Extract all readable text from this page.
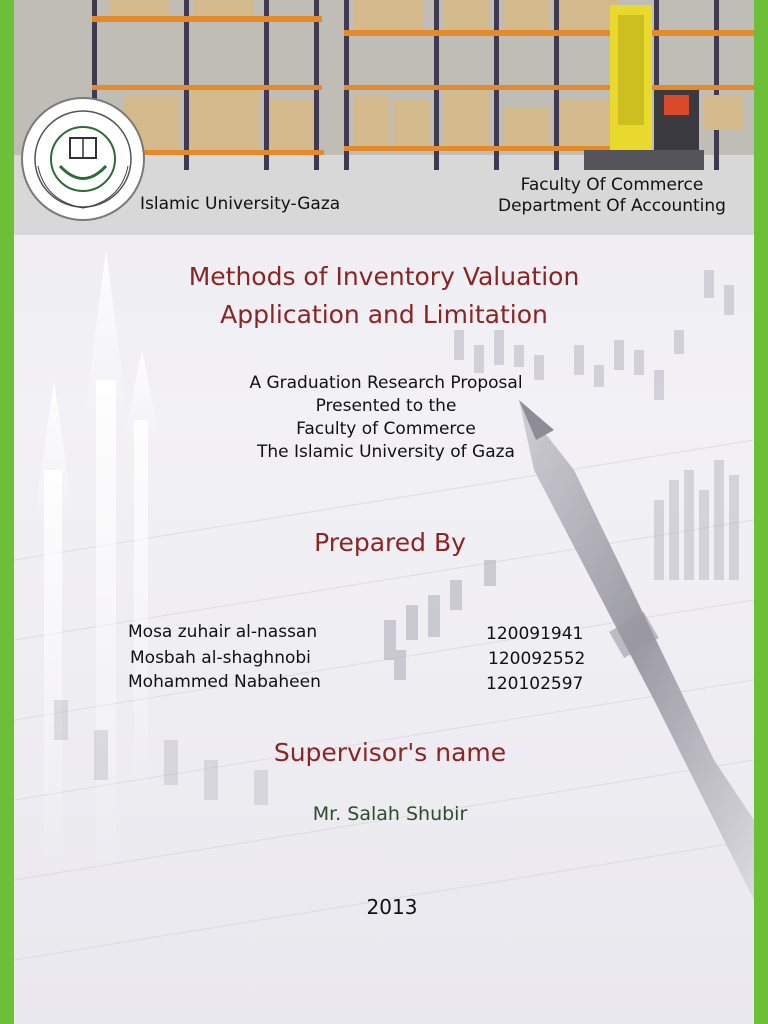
Islamic University-Gaza
Faculty Of Commerce
Department Of Accounting
Methods of Inventory Valuation
Application and Limitation
A Graduation Research Proposal
Presented to the
Faculty of Commerce
The Islamic University of Gaza
Prepared By
Mosa zuhair al-nassan	120091941
Mosbah al-shaghnobi	120092552
Mohammed Nabaheen	120102597
Supervisor's name
Mr. Salah Shubir
2013
